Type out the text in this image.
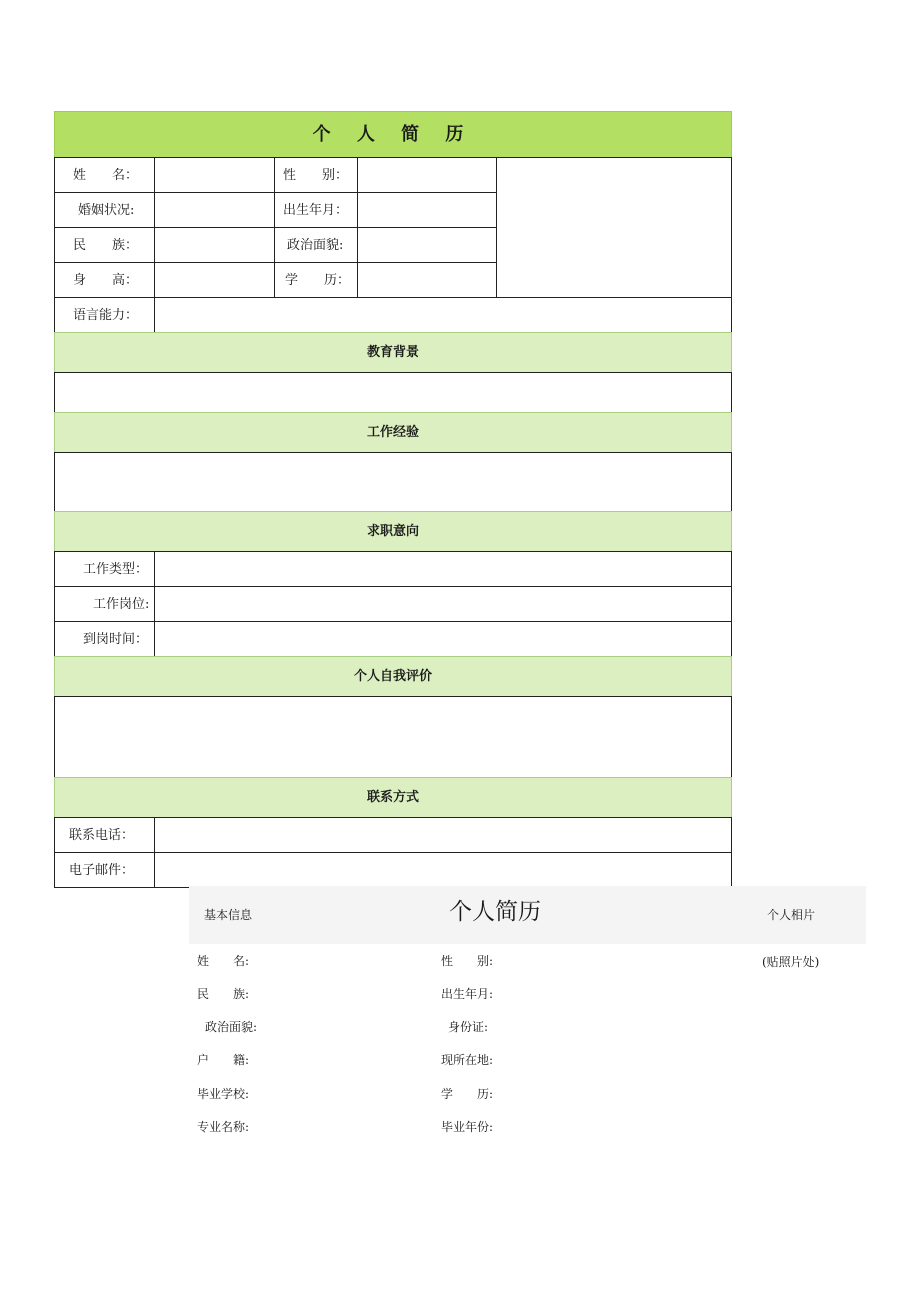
个 人 简 历
姓　　名：	性　　别：
婚姻状况:	出生年月：
民　　族：	政治面貌:
身　　高：	学　　历：
语言能力：
教育背景
工作经验
求职意向
工作类型：
工作岗位:
到岗时间：
个人自我评价
联系方式
联系电话：
电子邮件：
基本信息	个人简历	个人相片
(贴照片处)
姓　　名:	性　　别:
民　　族:	出生年月:
政治面貌:	身份证:
户　　籍:	现所在地:
毕业学校:	学　　历:
专业名称:	毕业年份:
